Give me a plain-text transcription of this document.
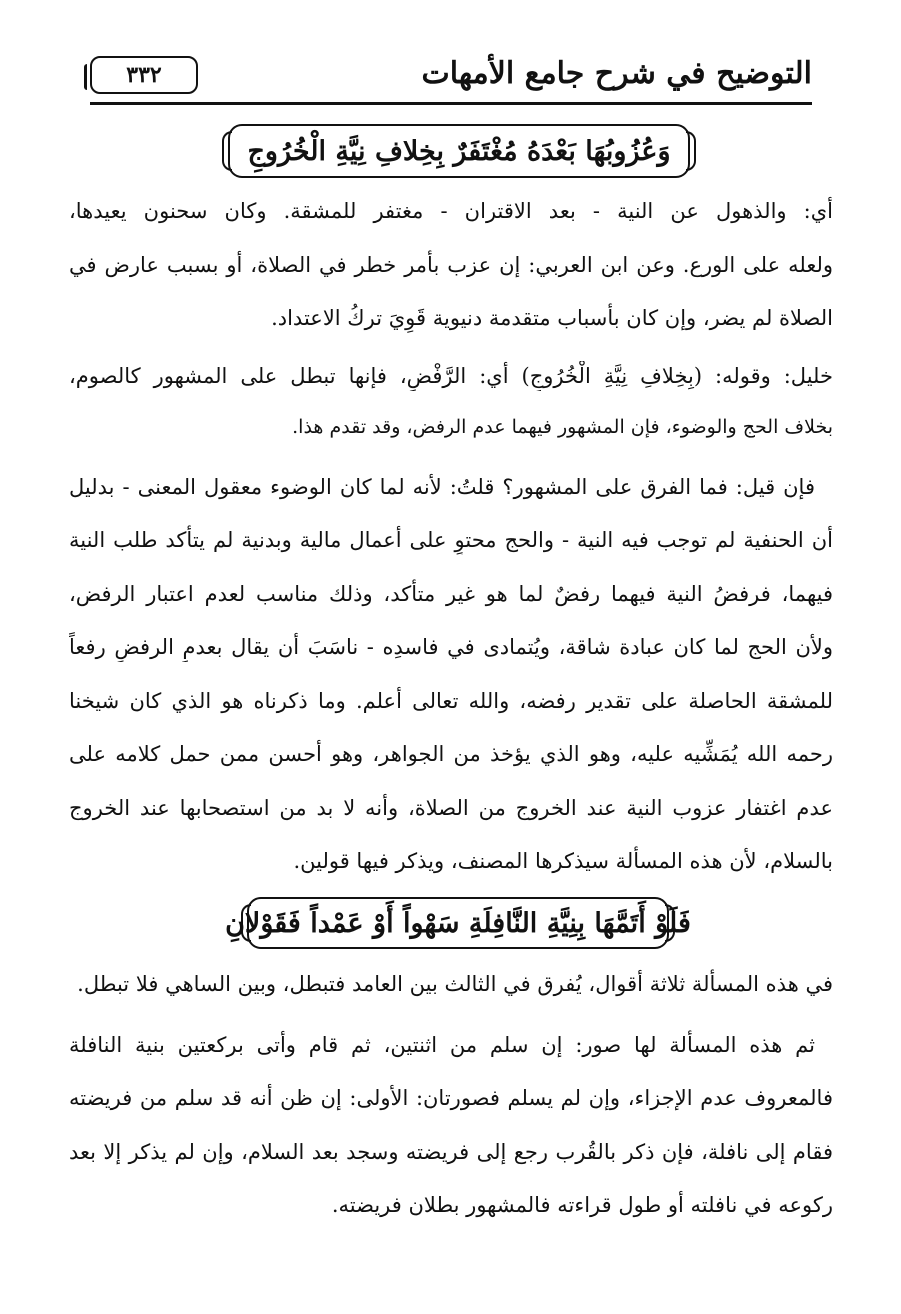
التوضيح في شرح جامع الأمهات
٣٣٢
وَعُزُوبُهَا بَعْدَهُ مُغْتَفَرٌ بِخِلافِ نِيَّةِ الْخُرُوجِ
أي: والذهول عن النية - بعد الاقتران - مغتفر للمشقة. وكان سحنون يعيدها،
ولعله على الورع. وعن ابن العربي: إن عزب بأمر خطر في الصلاة، أو بسبب عارض في
الصلاة لم يضر، وإن كان بأسباب متقدمة دنيوية قَوِيَ تركُ الاعتداد.
خليل: وقوله: (بِخِلافِ نِيَّةِ الْخُرُوجِ) أي: الرَّفْضِ، فإنها تبطل على المشهور كالصوم،
بخلاف الحج والوضوء، فإن المشهور فيهما عدم الرفض، وقد تقدم هذا.
فإن قيل: فما الفرق على المشهور؟ قلتُ: لأنه لما كان الوضوء معقول المعنى - بدليل
أن الحنفية لم توجب فيه النية - والحج محتوٍ على أعمال مالية وبدنية لم يتأكد طلب النية
فيهما، فرفضُ النية فيهما رفضٌ لما هو غير متأكد، وذلك مناسب لعدم اعتبار الرفض،
ولأن الحج لما كان عبادة شاقة، ويُتمادى في فاسدِه - ناسَبَ أن يقال بعدمِ الرفضِ رفعاً
للمشقة الحاصلة على تقدير رفضه، والله تعالى أعلم. وما ذكرناه هو الذي كان شيخنا
رحمه الله يُمَشِّيه عليه، وهو الذي يؤخذ من الجواهر، وهو أحسن ممن حمل كلامه على
عدم اغتفار عزوب النية عند الخروج من الصلاة، وأنه لا بد من استصحابها عند الخروج
بالسلام، لأن هذه المسألة سيذكرها المصنف، ويذكر فيها قولين.
فَلَوْ أَتَمَّهَا بِنِيَّةِ النَّافِلَةِ سَهْواً أَوْ عَمْداً فَقَوْلانِ
في هذه المسألة ثلاثة أقوال، يُفرق في الثالث بين العامد فتبطل، وبين الساهي فلا تبطل.
ثم هذه المسألة لها صور: إن سلم من اثنتين، ثم قام وأتى بركعتين بنية النافلة
فالمعروف عدم الإجزاء، وإن لم يسلم فصورتان: الأولى: إن ظن أنه قد سلم من فريضته
فقام إلى نافلة، فإن ذكر بالقُرب رجع إلى فريضته وسجد بعد السلام، وإن لم يذكر إلا بعد
ركوعه في نافلته أو طول قراءته فالمشهور بطلان فريضته.
